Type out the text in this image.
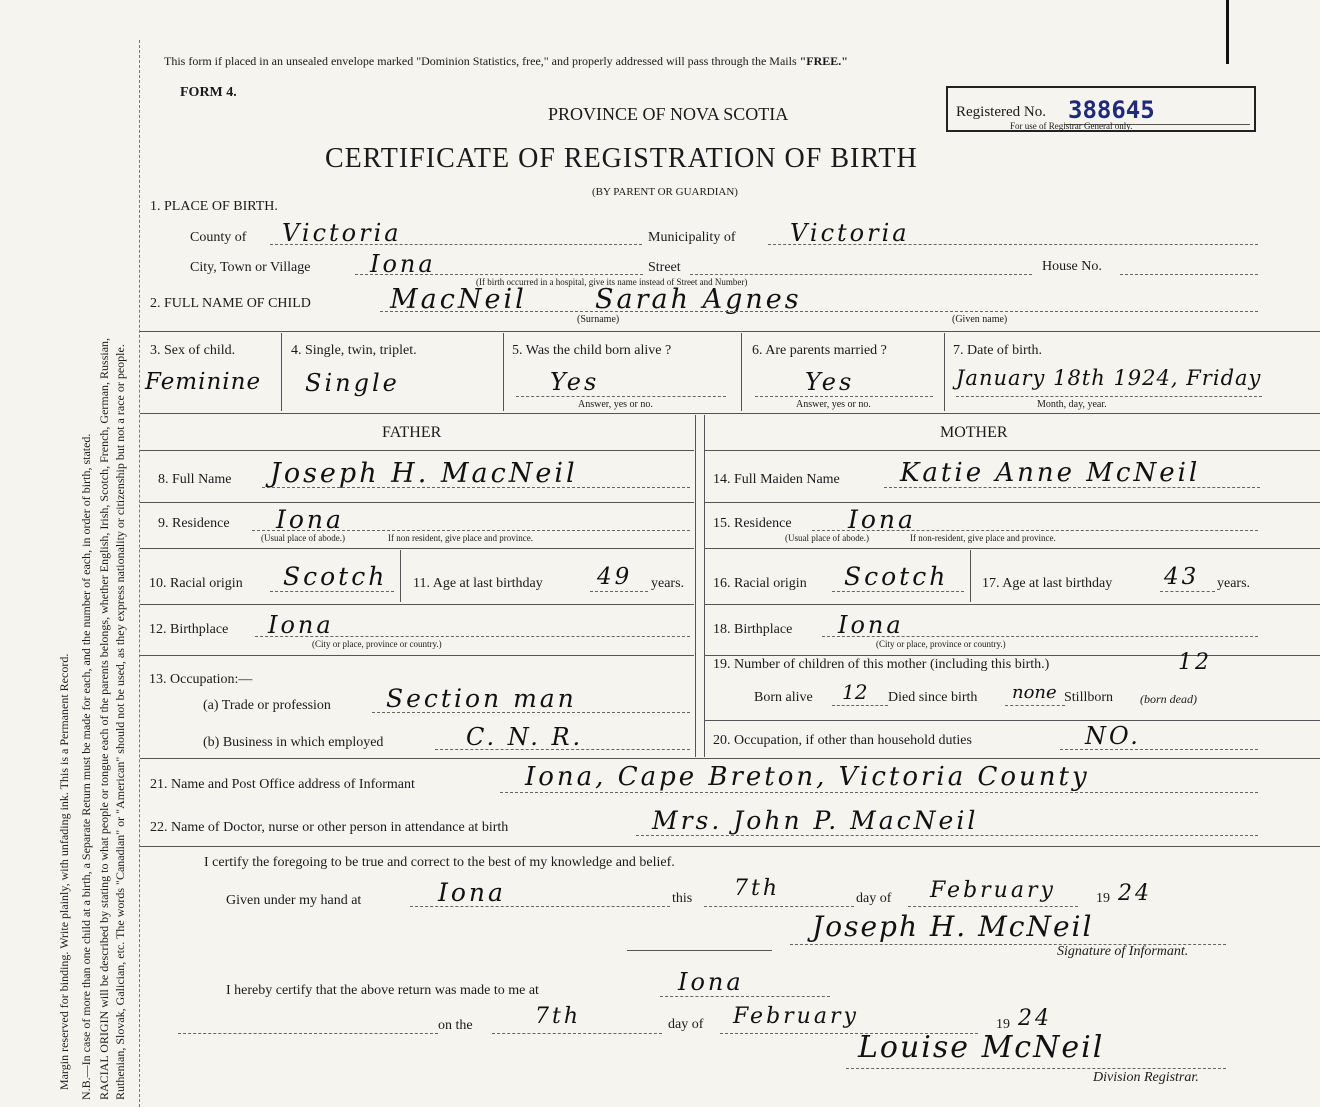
Margin reserved for binding. Write plainly, with unfading ink. This is a Permanent Record. N.B.—In case of more than one child at a birth, a Separate Return must be made for each, and the number of each, in order of birth, stated. RACIAL ORIGIN will be described by stating to what people or tongue each of the parents belongs, whether English, Irish, Scotch, French, German, Russian, Ruthenian, Slovak, Galician, etc. The words "Canadian" or "American" should not be used, as they express nationality or citizenship but not a race or people.
This form if placed in an unsealed envelope marked "Dominion Statistics, free," and properly addressed will pass through the Mails "FREE."
FORM 4.
PROVINCE OF NOVA SCOTIA	Registered No. 388645
For use of Registrar General only.
CERTIFICATE OF REGISTRATION OF BIRTH
(BY PARENT OR GUARDIAN)
1. PLACE OF BIRTH.
County of Victoria	Municipality of Victoria
City, Town or Village Iona	Street	House No.
(If birth occurred in a hospital, give its name instead of Street and Number)
2. FULL NAME OF CHILD	MacNeil	Sarah Agnes
(Surname)	(Given name)
3. Sex of child.
Feminine
4. Single, twin, triplet.
Single
5. Was the child born alive ?
Yes
Answer, yes or no.
6. Are parents married ?
Yes
Answer, yes or no.
7. Date of birth.
January 18th 1924, Friday
Month, day, year.
FATHER	MOTHER
8. Full Name Joseph H. MacNeil
9. Residence Iona
(Usual place of abode.)	If non resident, give place and province.
10. Racial origin Scotch 11. Age at last birthday 49 years.
12. Birthplace Iona
(City or place, province or country.)
13. Occupation:—
(a) Trade or profession Section man
(b) Business in which employed	C. N. R.
14. Full Maiden Name Katie Anne McNeil
15. Residence Iona
(Usual place of abode.)	If non-resident, give place and province.
16. Racial origin Scotch 17. Age at last birthday 43 years.
18. Birthplace Iona
(City or place, province or country.)
19. Number of children of this mother (including this birth.)	12
Born alive 12 Died since birth none Stillborn (born dead)
20. Occupation, if other than household duties	NO.
21. Name and Post Office address of Informant	Iona, Cape Breton, Victoria County
22. Name of Doctor, nurse or other person in attendance at birth	Mrs. John P. MacNeil
I certify the foregoing to be true and correct to the best of my knowledge and belief.
Given under my hand at	Iona	this 7th	day of February	19 24
Joseph H. McNeil
Signature of Informant.
I hereby certify that the above return was made to me at	Iona
on the	7th	day of February	19 24
Louise McNeil
Division Registrar.
